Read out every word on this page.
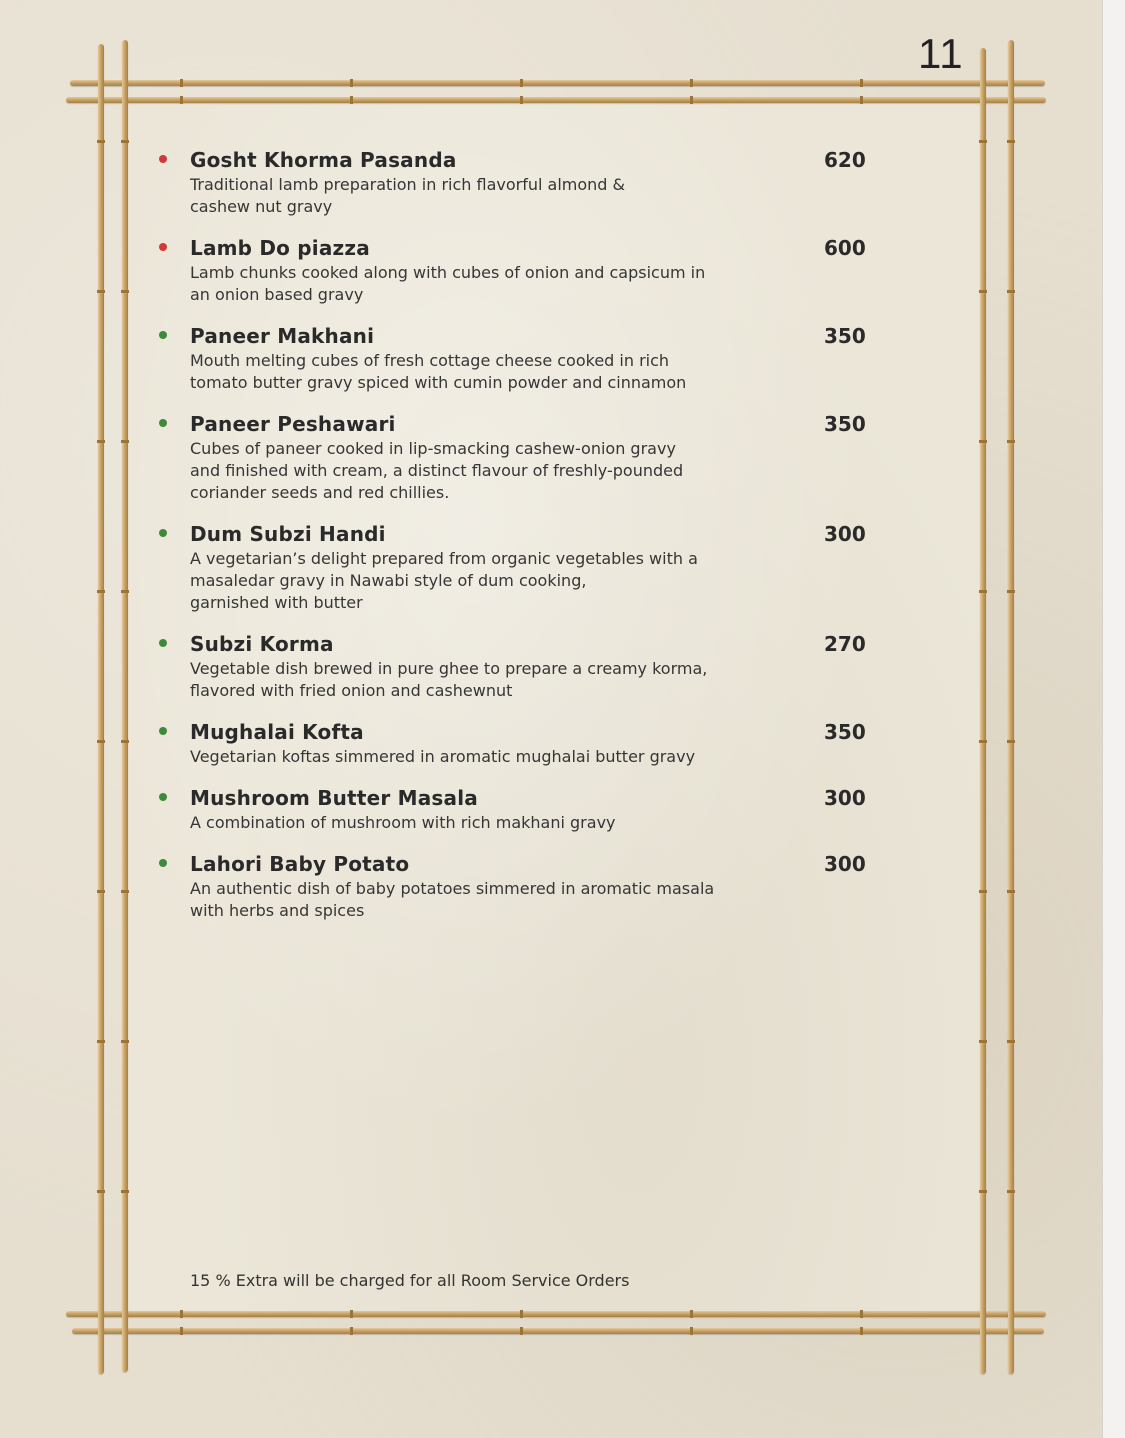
11
Gosht Khorma Pasanda	620
Traditional lamb preparation in rich flavorful almond &
cashew nut gravy
Lamb Do piazza	600
Lamb chunks cooked along with cubes of onion and capsicum in
an onion based gravy
Paneer Makhani	350
Mouth melting cubes of fresh cottage cheese cooked in rich
tomato butter gravy spiced with cumin powder and cinnamon
Paneer Peshawari	350
Cubes of paneer cooked in lip-smacking cashew-onion gravy
and finished with cream, a distinct flavour of freshly-pounded
coriander seeds and red chillies.
Dum Subzi Handi	300
A vegetarian’s delight prepared from organic vegetables with a
masaledar gravy in Nawabi style of dum cooking,
garnished with butter
Subzi Korma	270
Vegetable dish brewed in pure ghee to prepare a creamy korma,
flavored with fried onion and cashewnut
Mughalai Kofta	350
Vegetarian koftas simmered in aromatic mughalai butter gravy
Mushroom Butter Masala	300
A combination of mushroom with rich makhani gravy
Lahori Baby Potato	300
An authentic dish of baby potatoes simmered in aromatic masala
with herbs and spices
15 % Extra will be charged for all Room Service Orders
